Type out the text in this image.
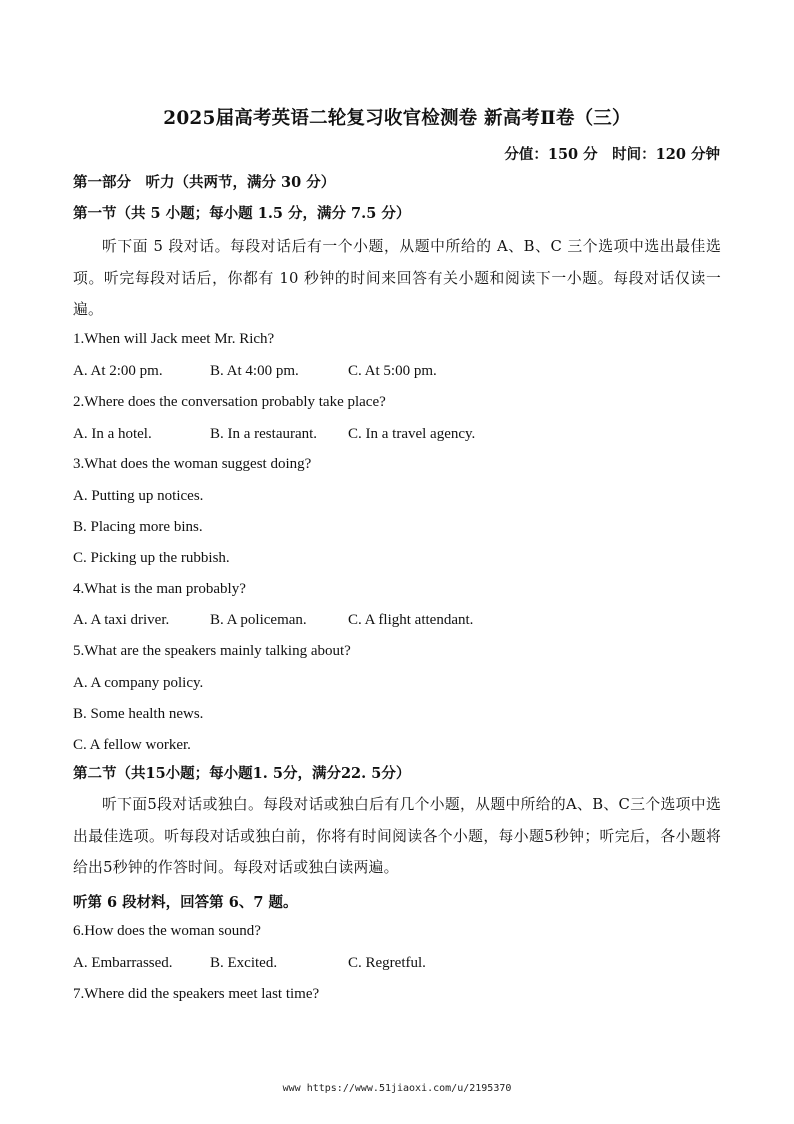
2025届高考英语二轮复习收官检测卷 新高考Ⅱ卷（三）
分值：150 分　时间：120 分钟
第一部分　听力（共两节，满分 30 分）
第一节（共 5 小题；每小题 1.5 分，满分 7.5 分）
听下面 5 段对话。每段对话后有一个小题，从题中所给的 A、B、C 三个选项中选出最佳选项。听完每段对话后，你都有 10 秒钟的时间来回答有关小题和阅读下一小题。每段对话仅读一遍。
1.When will Jack meet Mr. Rich?
A. At 2:00 pm.	B. At 4:00 pm.	C. At 5:00 pm.
2.Where does the conversation probably take place?
A. In a hotel.	B. In a restaurant. C. In a travel agency.
3.What does the woman suggest doing?
A. Putting up notices.
B. Placing more bins.
C. Picking up the rubbish.
4.What is the man probably?
A. A taxi driver.	B. A policeman.	C. A flight attendant.
5.What are the speakers mainly talking about?
A. A company policy.
B. Some health news.
C. A fellow worker.
第二节（共15小题；每小题1. 5分，满分22. 5分）
听下面5段对话或独白。每段对话或独白后有几个小题，从题中所给的A、B、C三个选项中选出最佳选项。听每段对话或独白前，你将有时间阅读各个小题，每小题5秒钟；听完后，各小题将给出5秒钟的作答时间。每段对话或独白读两遍。
听第 6 段材料，回答第 6、7 题。
6.How does the woman sound?
A. Embarrassed. B. Excited.	C. Regretful.
7.Where did the speakers meet last time?
www https://www.51jiaoxi.com/u/2195370
